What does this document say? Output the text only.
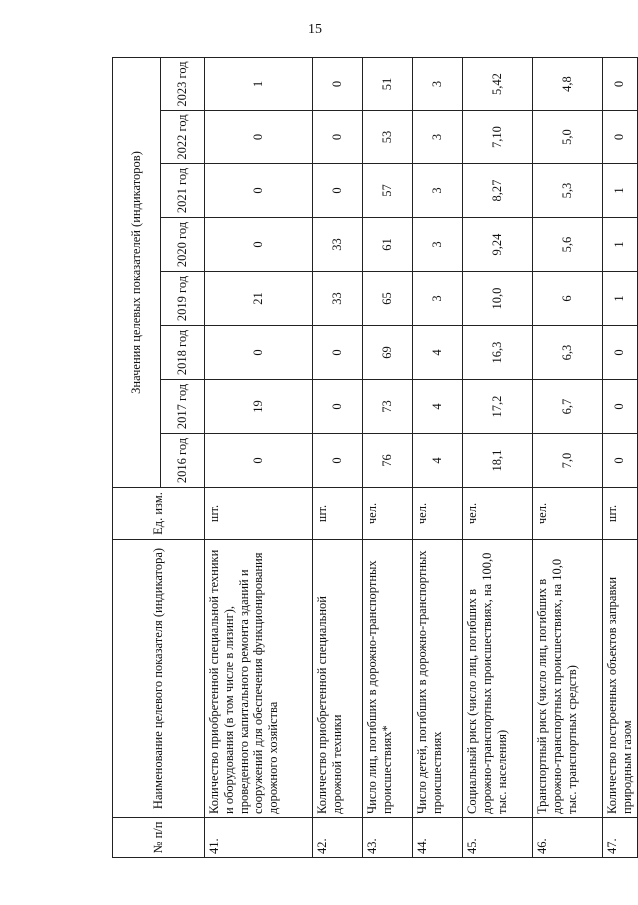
15
№ п/п	Наименование целевого показателя (индикатора)	Ед. изм.	Значения целевых показателей (индикаторов)							
			2016 год	2017 год	2018 год	2019 год	2020 год	2021 год	2022 год	2023 год
41.	Количество приобретенной специальной техники и оборудования (в том числе в лизинг), проведенного капитального ремонта зданий и сооружений для обеспечения функционирования дорожного хозяйства	шт.	0	19	0	21	0	0	0	1
42.	Количество приобретенной специальной дорожной техники	шт.	0	0	0	33	33	0	0	0
43.	Число лиц, погибших в дорожно-транспортных происшествиях*	чел.	76	73	69	65	61	57	53	51
44.	Число детей, погибших в дорожно-транспортных происшествиях	чел.	4	4	4	3	3	3	3	3
45.	Социальный риск (число лиц, погибших в дорожно-транспортных происшествиях, на 100,0 тыс. населения)	чел.	18,1	17,2	16,3	10,0	9,24	8,27	7,10	5,42
46.	Транспортный риск (число лиц, погибших в дорожно-транспортных происшествиях, на 10,0 тыс. транспортных средств)	чел.	7,0	6,7	6,3	6	5,6	5,3	5,0	4,8
47.	Количество построенных объектов заправки природным газом	шт.	0	0	0	1	1	1	0	0
